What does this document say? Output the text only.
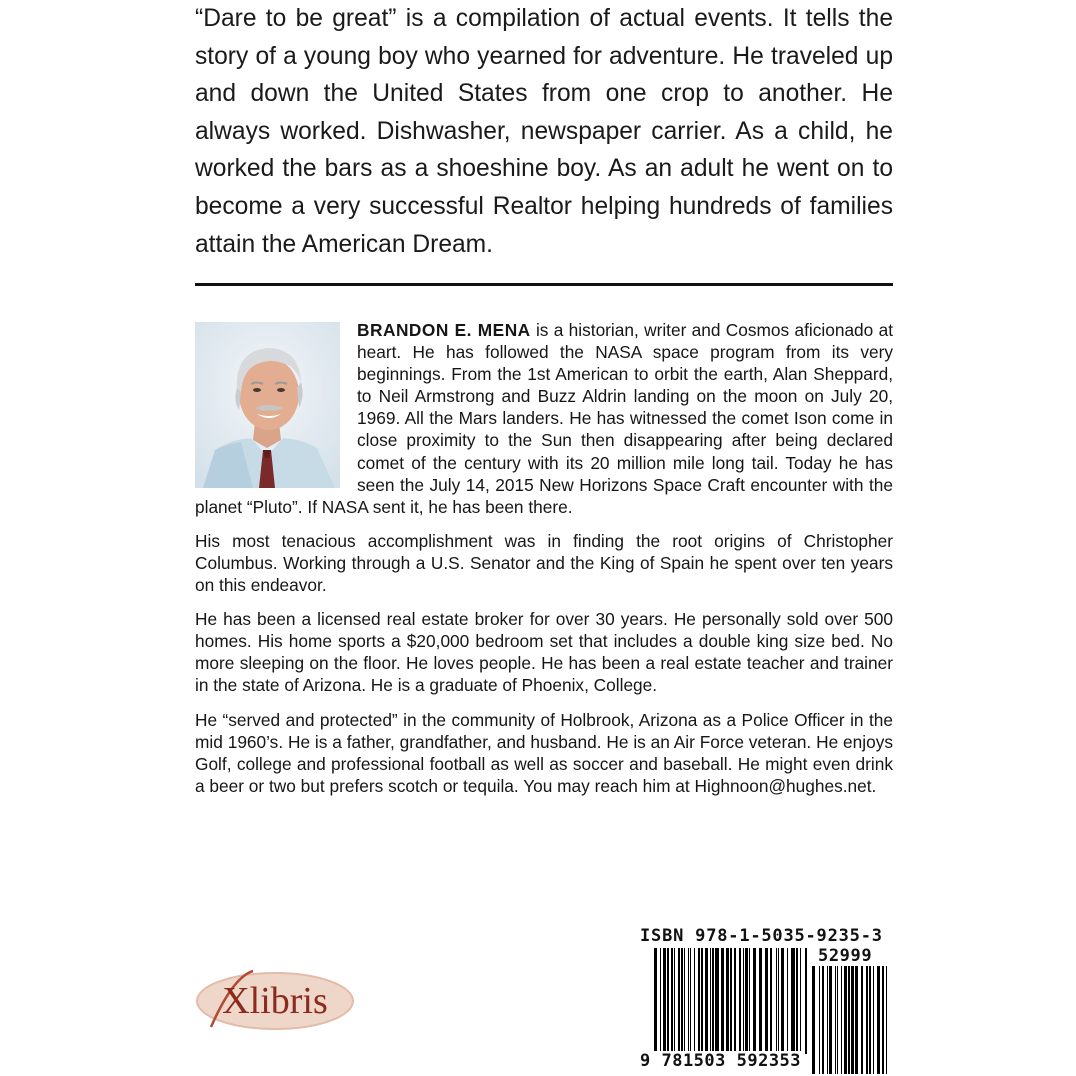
“Dare to be great” is a compilation of actual events. It tells the story of a young boy who yearned for adventure. He traveled up and down the United States from one crop to another. He always worked. Dishwasher, newspaper carrier. As a child, he worked the bars as a shoeshine boy. As an adult he went on to become a very successful Realtor helping hundreds of families attain the American Dream.

BRANDON E. MENA is a historian, writer and Cosmos aficionado at heart. He has followed the NASA space program from its very beginnings. From the 1st American to orbit the earth, Alan Sheppard, to Neil Armstrong and Buzz Aldrin landing on the moon on July 20, 1969. All the Mars landers. He has witnessed the comet Ison come in close proximity to the Sun then disappearing after being declared comet of the century with its 20 million mile long tail. Today he has seen the July 14, 2015 New Horizons Space Craft encounter with the planet “Pluto”. If NASA sent it, he has been there.

His most tenacious accomplishment was in finding the root origins of Christopher Columbus. Working through a U.S. Senator and the King of Spain he spent over ten years on this endeavor.

He has been a licensed real estate broker for over 30 years. He personally sold over 500 homes. His home sports a $20,000 bedroom set that includes a double king size bed. No more sleeping on the floor. He loves people. He has been a real estate teacher and trainer in the state of Arizona. He is a graduate of Phoenix, College.

He “served and protected” in the community of Holbrook, Arizona as a Police Officer in the mid 1960’s. He is a father, grandfather, and husband. He is an Air Force veteran. He enjoys Golf, college and professional football as well as soccer and baseball. He might even drink a beer or two but prefers scotch or tequila. You may reach him at Highnoon@hughes.net.

Xlibris
ISBN 978-1-5035-9235-3
52999
9 781503 592353
